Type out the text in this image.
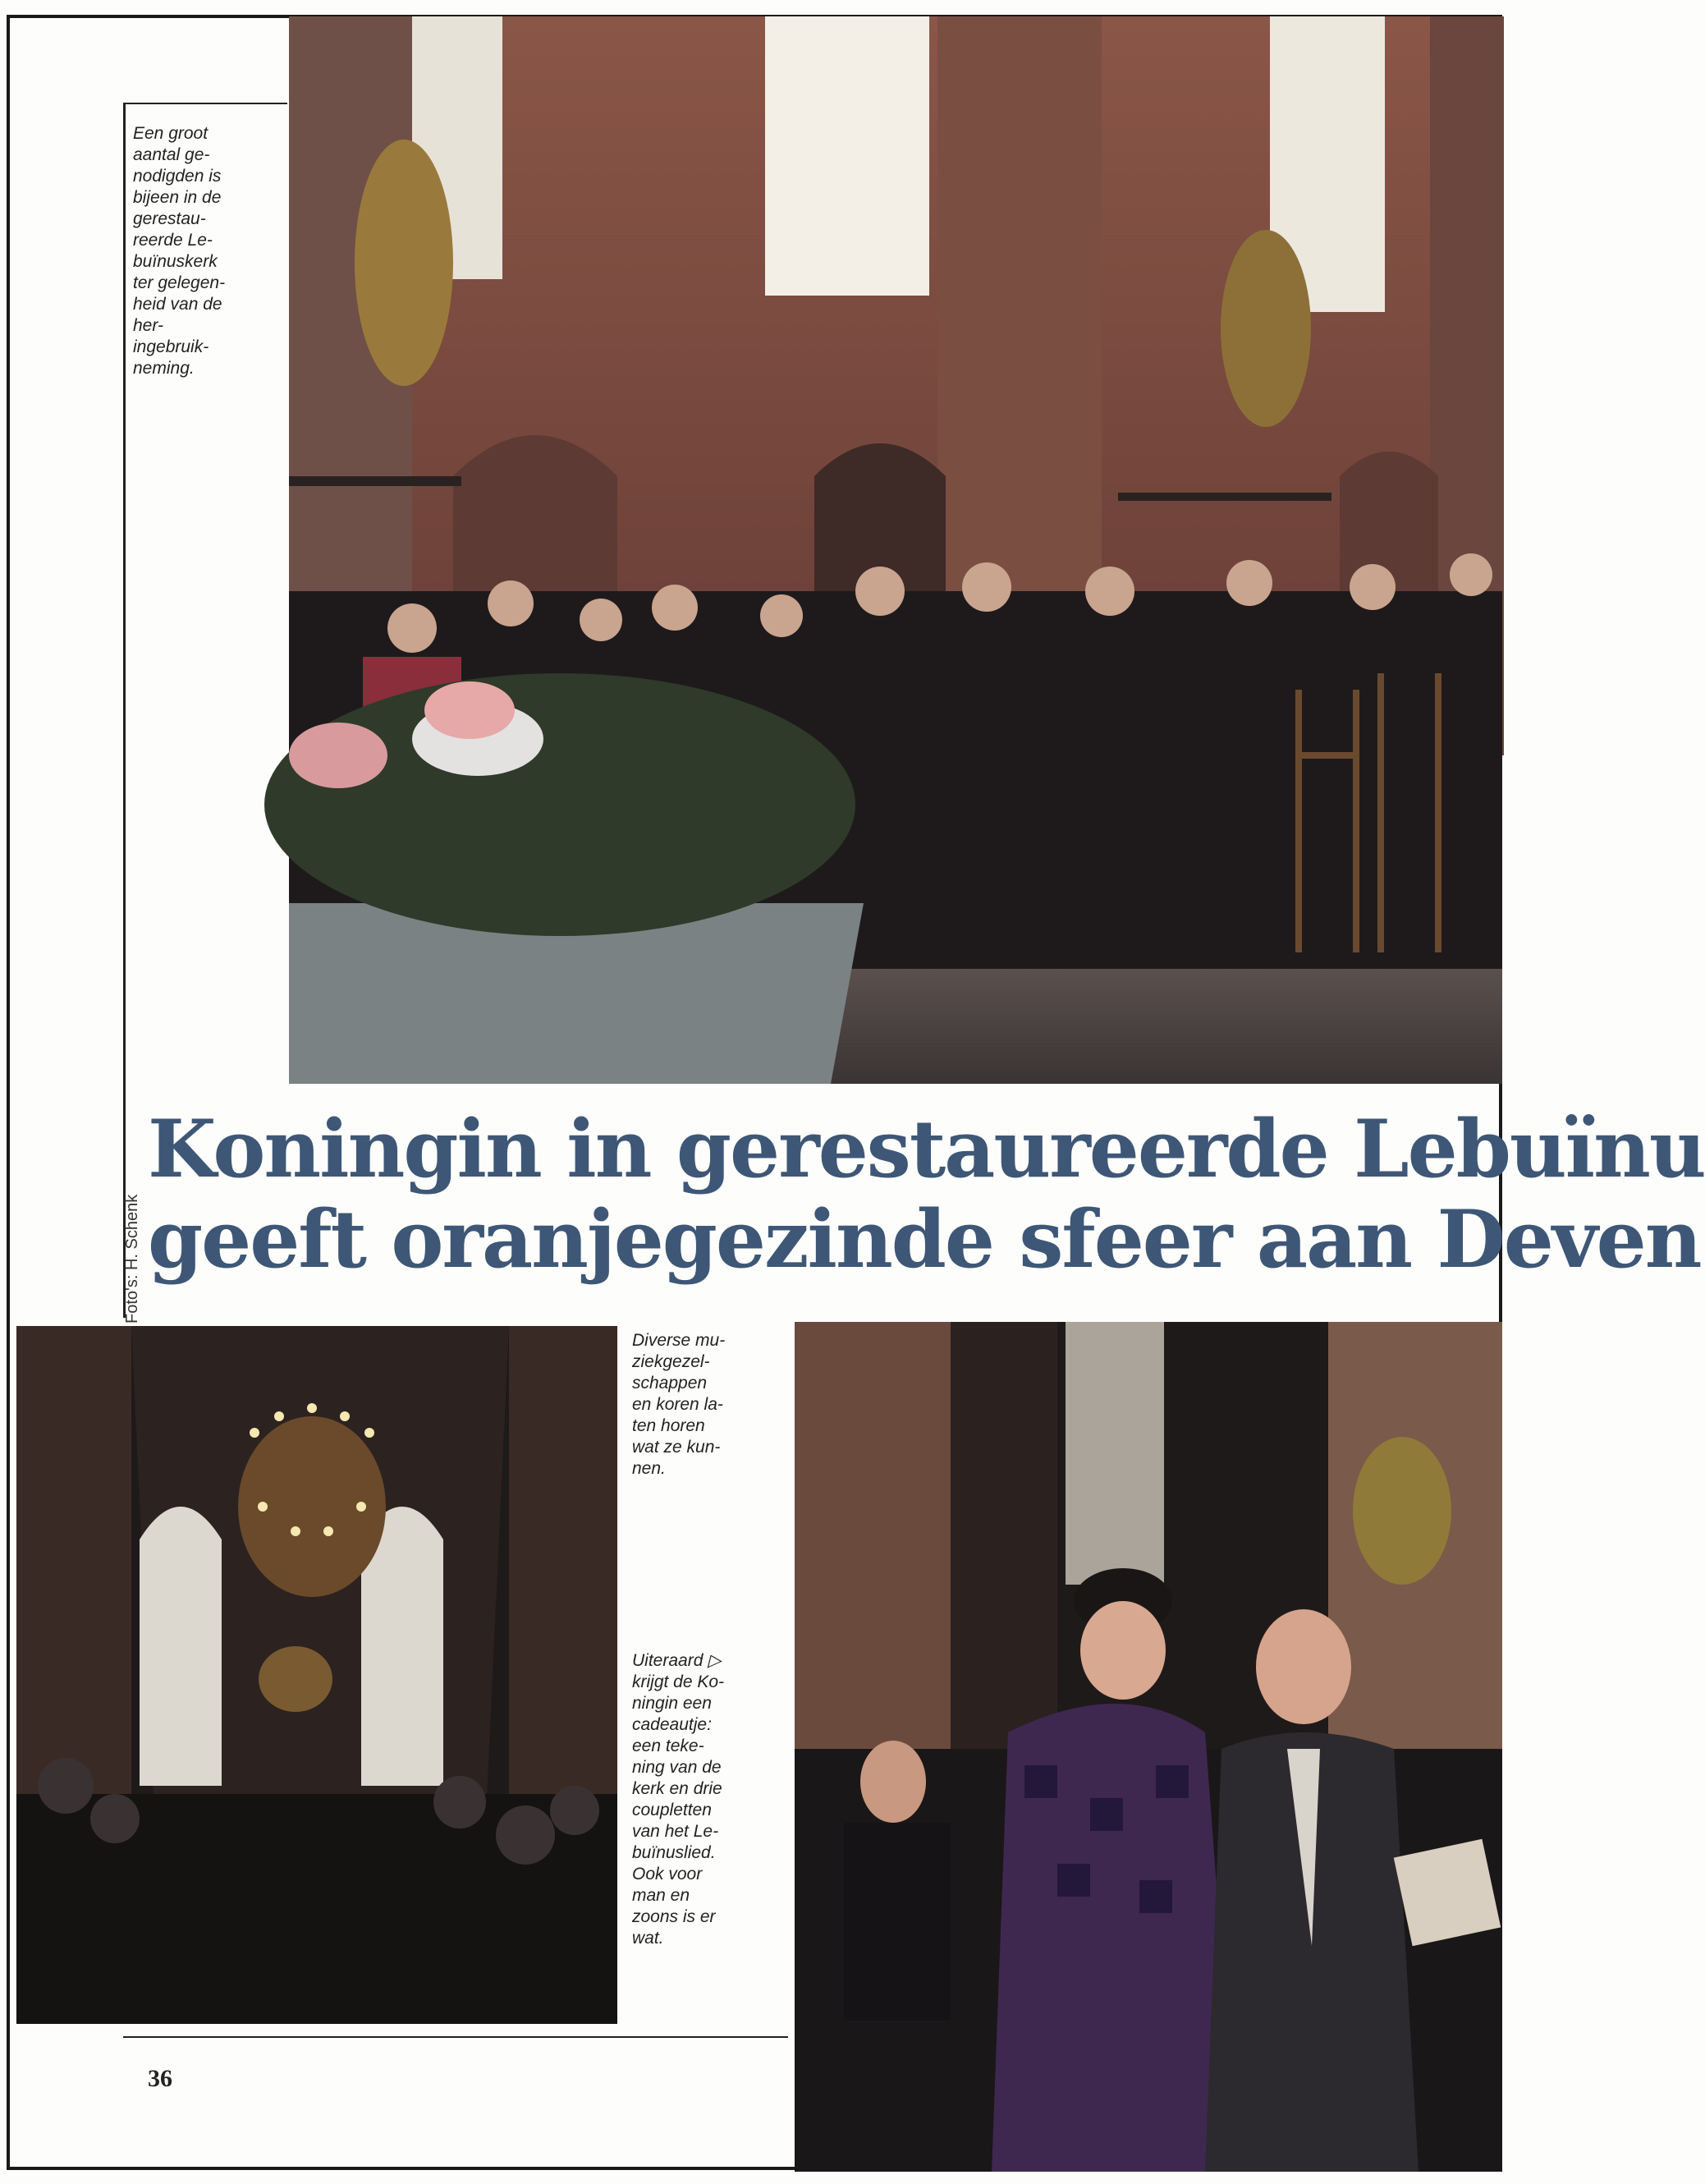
Een groot
aantal ge-
nodigden is
bijeen in de
gerestau-
reerde Le-
buïnuskerk
ter gelegen-
heid van de
her-
ingebruik-
neming.

Koningin in gerestaureerde Lebuïnu
geeft oranjegezinde sfeer aan Deven
Foto's: H. Schenk

Diverse mu-
ziekgezel-
schappen
en koren la-
ten horen
wat ze kun-
nen.

Uiteraard ▷
krijgt de Ko-
ningin een
cadeautje:
een teke-
ning van de
kerk en drie
coupletten
van het Le-
buïnuslied.
Ook voor
man en
zoons is er
wat.

36
